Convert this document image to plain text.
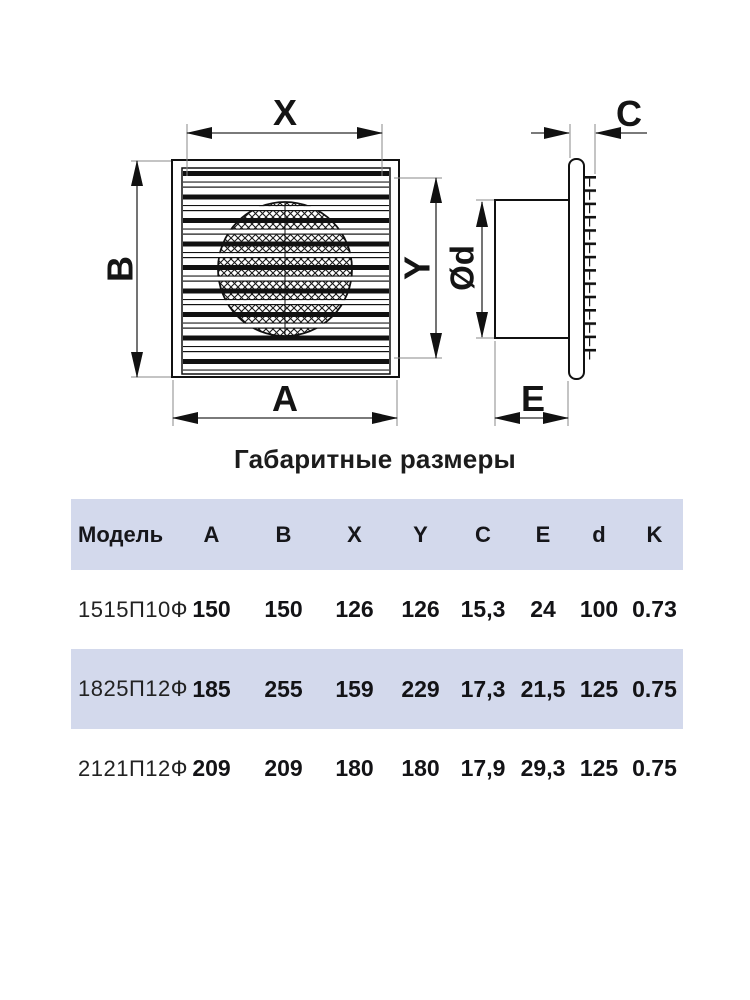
X
B
A
Y Ød
C
E
Габаритные размеры
Модель	A	B	X	Y	C	E	d	K
1515П10Ф	150	150	126	126	15,3	24	100	0.73
1825П12Ф	185	255	159	229	17,3	21,5	125	0.75
2121П12Ф	209	209	180	180	17,9	29,3	125	0.75
